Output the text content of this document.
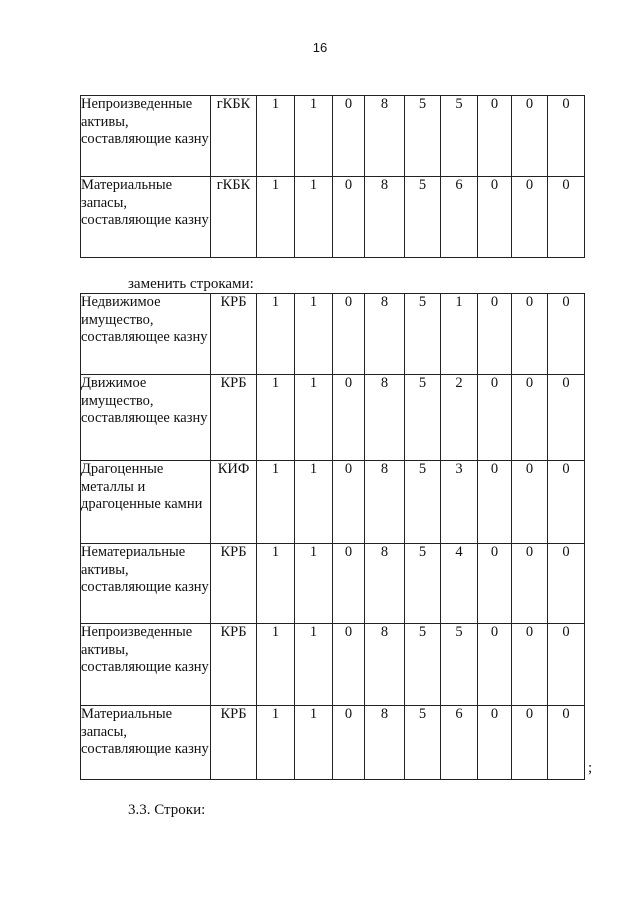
16
Непроизведенные активы, составляющие казну	гКБК	1	1	0	8	5	5	0	0	0
Материальные запасы, составляющие казну	гКБК	1	1	0	8	5	6	0	0	0
заменить строками:
Недвижимое имущество, составляющее казну	КРБ	1	1	0	8	5	1	0	0	0
Движимое имущество, составляющее казну	КРБ	1	1	0	8	5	2	0	0	0
Драгоценные металлы и драгоценные камни	КИФ	1	1	0	8	5	3	0	0	0
Нематериальные активы, составляющие казну	КРБ	1	1	0	8	5	4	0	0	0
Непроизведенные активы, составляющие казну	КРБ	1	1	0	8	5	5	0	0	0
Материальные запасы, составляющие казну	КРБ	1	1	0	8	5	6	0	0	0
;
3.3. Строки:
